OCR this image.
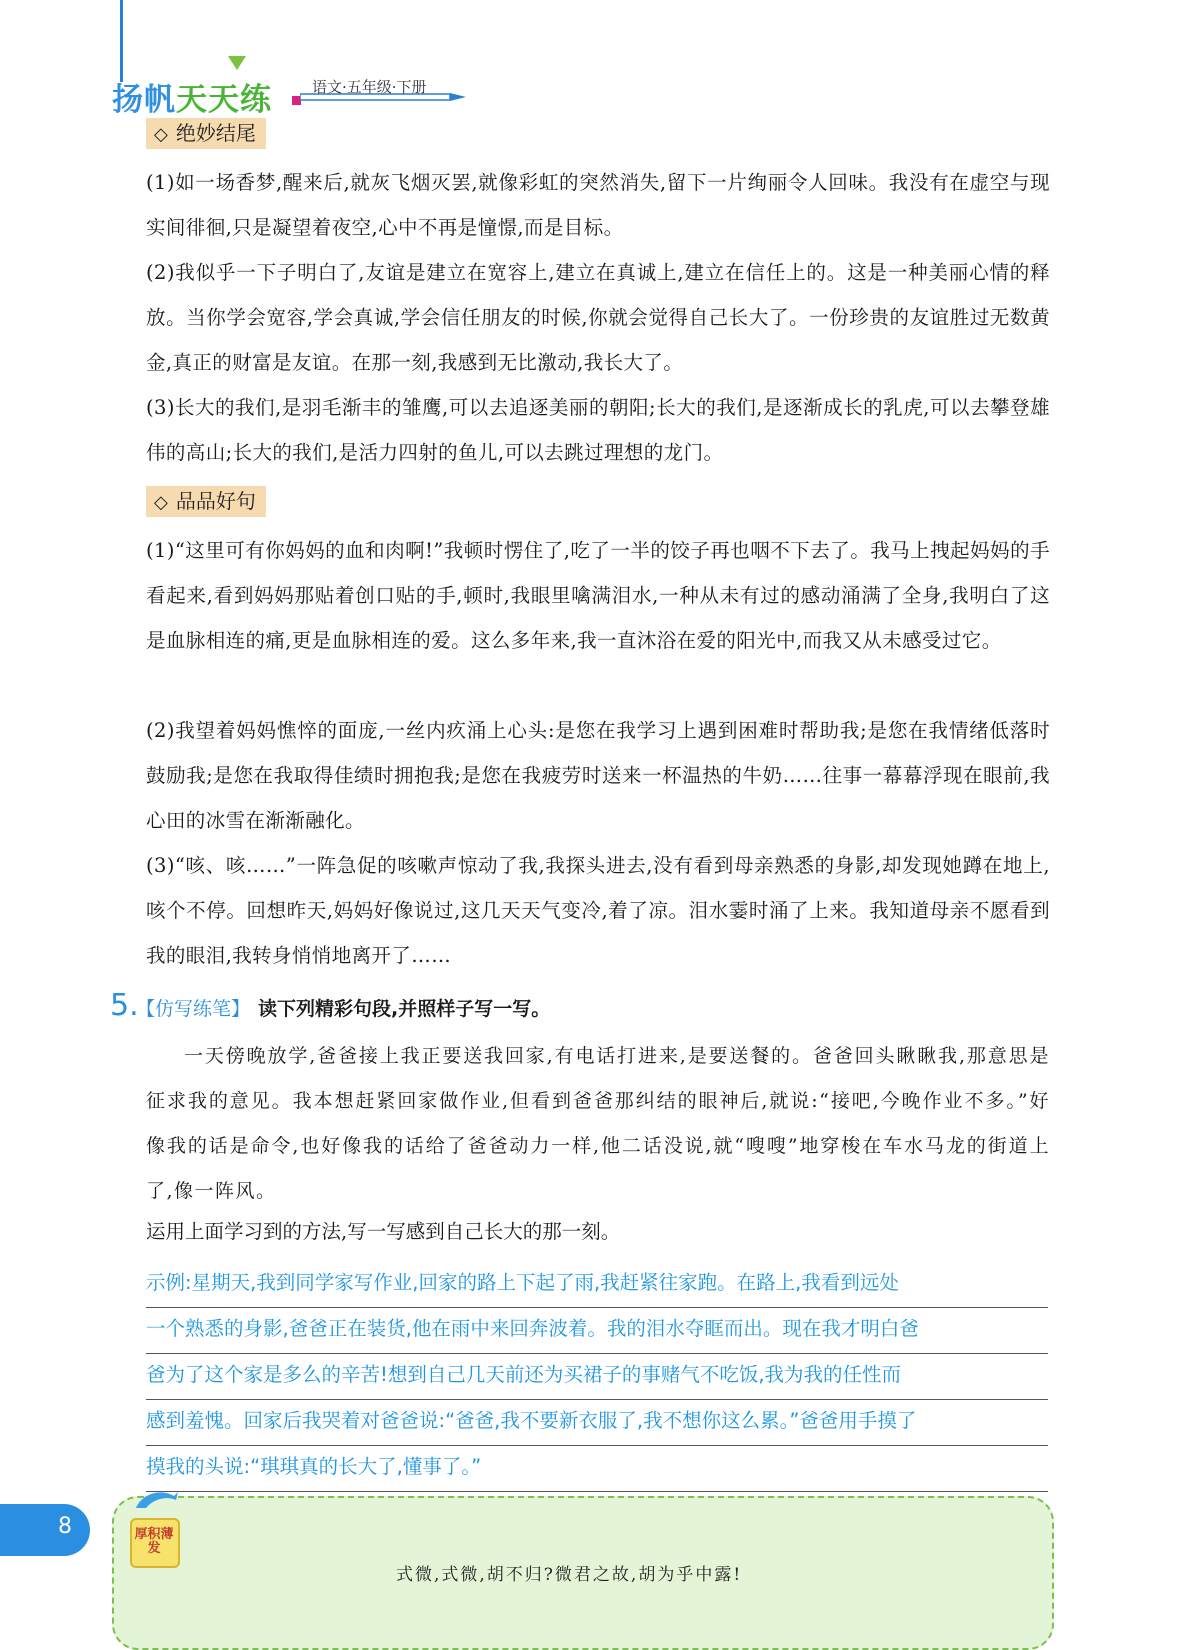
扬帆天天练	语文·五年级·下册
◇ 绝妙结尾
(1)如一场香梦,醒来后,就灰飞烟灭罢,就像彩虹的突然消失,留下一片绚丽令人回味。我没有在虚空与现实间徘徊,只是凝望着夜空,心中不再是憧憬,而是目标。
(2)我似乎一下子明白了,友谊是建立在宽容上,建立在真诚上,建立在信任上的。这是一种美丽心情的释放。当你学会宽容,学会真诚,学会信任朋友的时候,你就会觉得自己长大了。一份珍贵的友谊胜过无数黄金,真正的财富是友谊。在那一刻,我感到无比激动,我长大了。
(3)长大的我们,是羽毛渐丰的雏鹰,可以去追逐美丽的朝阳;长大的我们,是逐渐成长的乳虎,可以去攀登雄伟的高山;长大的我们,是活力四射的鱼儿,可以去跳过理想的龙门。
◇ 品品好句
(1)“这里可有你妈妈的血和肉啊!”我顿时愣住了,吃了一半的饺子再也咽不下去了。我马上拽起妈妈的手看起来,看到妈妈那贴着创口贴的手,顿时,我眼里噙满泪水,一种从未有过的感动涌满了全身,我明白了这是血脉相连的痛,更是血脉相连的爱。这么多年来,我一直沐浴在爱的阳光中,而我又从未感受过它。
(2)我望着妈妈憔悴的面庞,一丝内疚涌上心头:是您在我学习上遇到困难时帮助我;是您在我情绪低落时鼓励我;是您在我取得佳绩时拥抱我;是您在我疲劳时送来一杯温热的牛奶……往事一幕幕浮现在眼前,我心田的冰雪在渐渐融化。
(3)“咳、咳……”一阵急促的咳嗽声惊动了我,我探头进去,没有看到母亲熟悉的身影,却发现她蹲在地上,咳个不停。回想昨天,妈妈好像说过,这几天天气变冷,着了凉。泪水霎时涌了上来。我知道母亲不愿看到我的眼泪,我转身悄悄地离开了……
5.
【仿写练笔】 读下列精彩句段,并照样子写一写。
一天傍晚放学,爸爸接上我正要送我回家,有电话打进来,是要送餐的。爸爸回头瞅瞅我,那意思是征求我的意见。我本想赶紧回家做作业,但看到爸爸那纠结的眼神后,就说:“接吧,今晚作业不多。”好像我的话是命令,也好像我的话给了爸爸动力一样,他二话没说,就“嗖嗖”地穿梭在车水马龙的街道上了,像一阵风。
运用上面学习到的方法,写一写感到自己长大的那一刻。
示例:星期天,我到同学家写作业,回家的路上下起了雨,我赶紧往家跑。在路上,我看到远处
一个熟悉的身影,爸爸正在装货,他在雨中来回奔波着。我的泪水夺眶而出。现在我才明白爸
爸为了这个家是多么的辛苦!想到自己几天前还为买裙子的事赌气不吃饭,我为我的任性而
感到羞愧。回家后我哭着对爸爸说:“爸爸,我不要新衣服了,我不想你这么累。”爸爸用手摸了
摸我的头说:“琪琪真的长大了,懂事了。”
8	厚积薄发
式微,式微,胡不归?微君之故,胡为乎中露!
